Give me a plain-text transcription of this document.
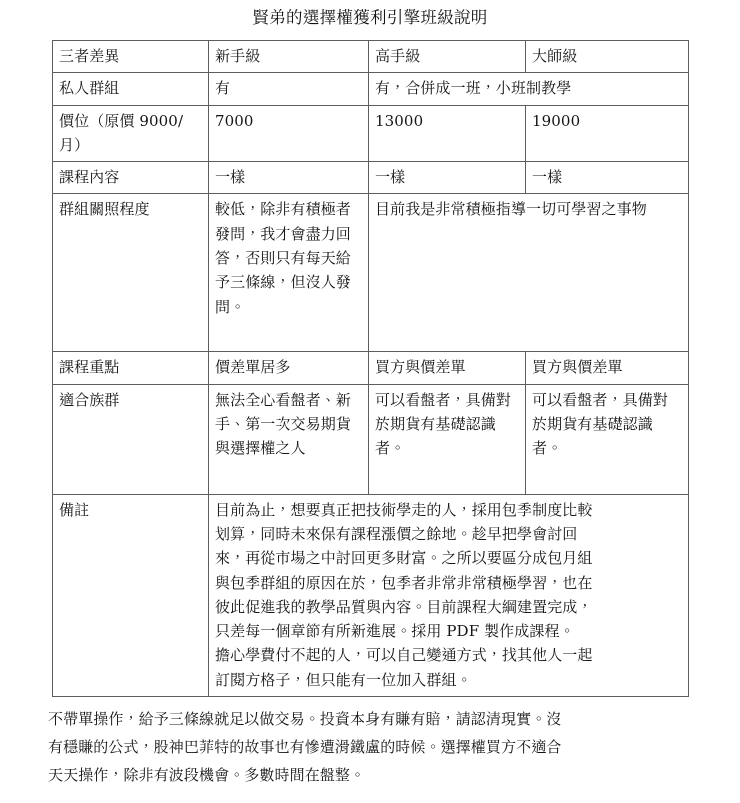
賢弟的選擇權獲利引擎班級說明
三者差異	新手級	高手級	大師級

私人群組	有	有，合併成一班，小班制教學	

價位（原價 9000/月）	7000	13000	19000

課程內容	一樣	一樣	一樣

群組關照程度	較低，除非有積極者發問，我才會盡力回答，否則只有每天給予三條線，但沒人發問。	目前我是非常積極指導一切可學習之事物	

課程重點	價差單居多	買方與價差單	買方與價差單

適合族群	無法全心看盤者、新手、第一次交易期貨與選擇權之人	可以看盤者，具備對於期貨有基礎認識者。	可以看盤者，具備對於期貨有基礎認識者。

備註	目前為止，想要真正把技術學走的人，採用包季制度比較
划算，同時未來保有課程漲價之餘地。趁早把學會討回
來，再從市場之中討回更多財富。之所以要區分成包月組
與包季群組的原因在於，包季者非常非常積極學習，也在
彼此促進我的教學品質與內容。目前課程大綱建置完成，
只差每一個章節有所新進展。採用 PDF 製作成課程。
擔心學費付不起的人，可以自己變通方式，找其他人一起
訂閱方格子，但只能有一位加入群組。

不帶單操作，給予三條線就足以做交易。投資本身有賺有賠，請認清現實。沒
有穩賺的公式，股神巴菲特的故事也有慘遭滑鐵盧的時候。選擇權買方不適合
天天操作，除非有波段機會。多數時間在盤整。
